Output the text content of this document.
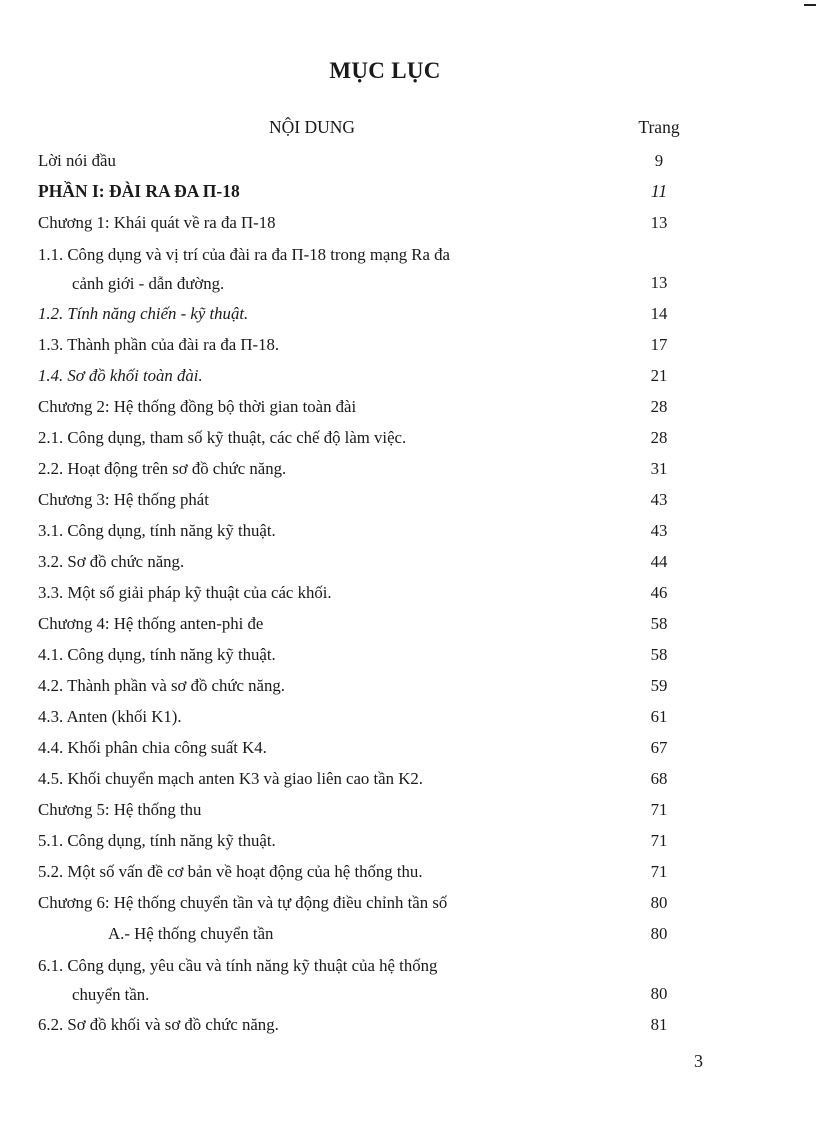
MỤC LỤC
NỘI DUNG	Trang
Lời nói đầu	9
PHẦN I: ĐÀI RA ĐA П-18	11
Chương 1: Khái quát về ra đa П-18	13
1.1. Công dụng và vị trí của đài ra đa П-18 trong mạng Ra đa
cảnh giới - dẫn đường.	13
1.2. Tính năng chiến - kỹ thuật.	14
1.3. Thành phần của đài ra đa П-18.	17
1.4. Sơ đồ khối toàn đài.	21
Chương 2: Hệ thống đồng bộ thời gian toàn đài	28
2.1. Công dụng, tham số kỹ thuật, các chế độ làm việc.	28
2.2. Hoạt động trên sơ đồ chức năng.	31
Chương 3: Hệ thống phát	43
3.1. Công dụng, tính năng kỹ thuật.	43
3.2. Sơ đồ chức năng.	44
3.3. Một số giải pháp kỹ thuật của các khối.	46
Chương 4: Hệ thống anten-phi đe	58
4.1. Công dụng, tính năng kỹ thuật.	58
4.2. Thành phần và sơ đồ chức năng.	59
4.3. Anten (khối K1).	61
4.4. Khối phân chia công suất K4.	67
4.5. Khối chuyển mạch anten K3 và giao liên cao tần K2.	68
Chương 5: Hệ thống thu	71
5.1. Công dụng, tính năng kỹ thuật.	71
5.2. Một số vấn đề cơ bản về hoạt động của hệ thống thu.	71
Chương 6: Hệ thống chuyển tần và tự động điều chỉnh tần số	80
A.- Hệ thống chuyển tần	80
6.1. Công dụng, yêu cầu và tính năng kỹ thuật của hệ thống
chuyển tần.	80
6.2. Sơ đồ khối và sơ đồ chức năng.	81
3
